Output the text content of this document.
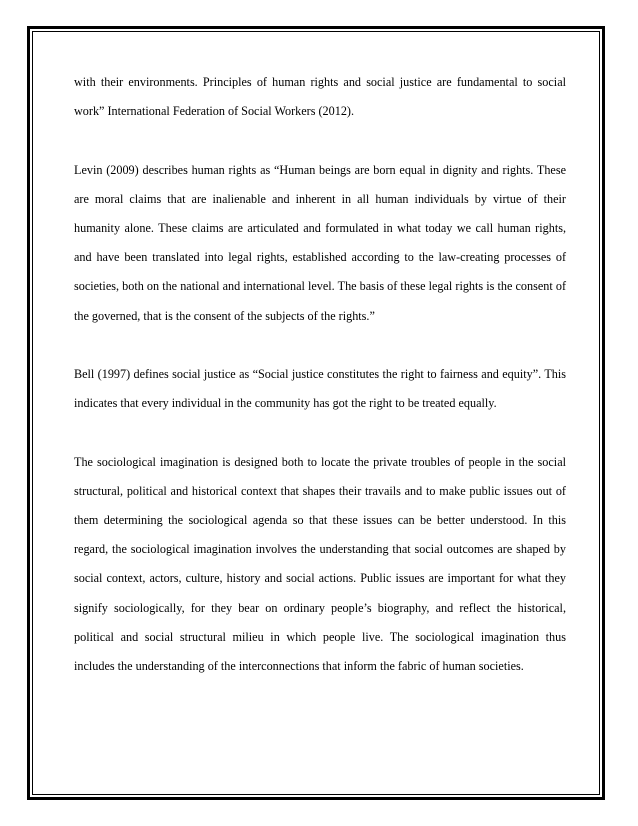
with their environments. Principles of human rights and social justice are fundamental to social work” International Federation of Social Workers (2012).

Levin (2009) describes human rights as “Human beings are born equal in dignity and rights. These are moral claims that are inalienable and inherent in all human individuals by virtue of their humanity alone. These claims are articulated and formulated in what today we call human rights, and have been translated into legal rights, established according to the law-creating processes of societies, both on the national and international level. The basis of these legal rights is the consent of the governed, that is the consent of the subjects of the rights.”

Bell (1997) defines social justice as “Social justice constitutes the right to fairness and equity”. This indicates that every individual in the community has got the right to be treated equally.

The sociological imagination is designed both to locate the private troubles of people in the social structural, political and historical context that shapes their travails and to make public issues out of them determining the sociological agenda so that these issues can be better understood. In this regard, the sociological imagination involves the understanding that social outcomes are shaped by social context, actors, culture, history and social actions. Public issues are important for what they signify sociologically, for they bear on ordinary people’s biography, and reflect the historical, political and social structural milieu in which people live. The sociological imagination thus includes the understanding of the interconnections that inform the fabric of human societies.
